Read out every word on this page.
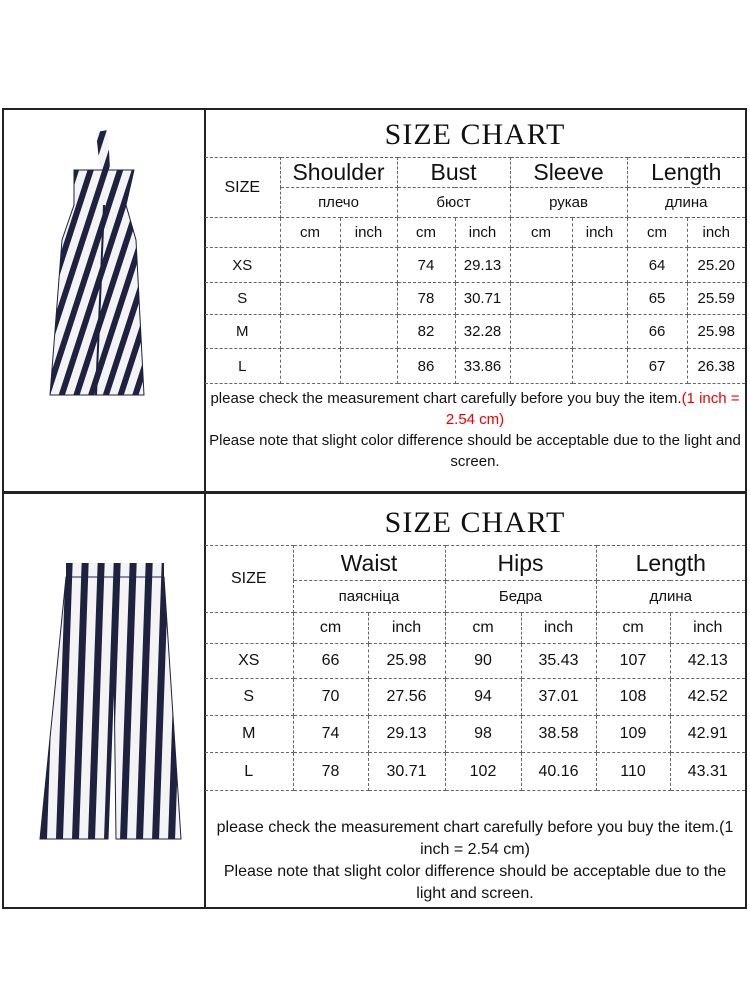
SIZE CHART
SIZE	Shoulder		Bust		Sleeve		Length	
	плечо		бюст		рукав		длина	
	cm	inch	cm	inch	cm	inch	cm	inch
XS			74	29.13			64	25.20
S			78	30.71			65	25.59
M			82	32.28			66	25.98
L			86	33.86			67	26.38
please check the measurement chart carefully before you buy the item.(1 inch = 2.54 cm)
Please note that slight color difference should be acceptable due to the light and screen.
SIZE CHART
SIZE	Waist		Hips		Length	
	паясніца		Бедра		длина	
	cm	inch	cm	inch	cm	inch
XS	66	25.98	90	35.43	107	42.13
S	70	27.56	94	37.01	108	42.52
M	74	29.13	98	38.58	109	42.91
L	78	30.71	102	40.16	110	43.31
please check the measurement chart carefully before you buy the item.(1 inch = 2.54 cm)
Please note that slight color difference should be acceptable due to the light and screen.
